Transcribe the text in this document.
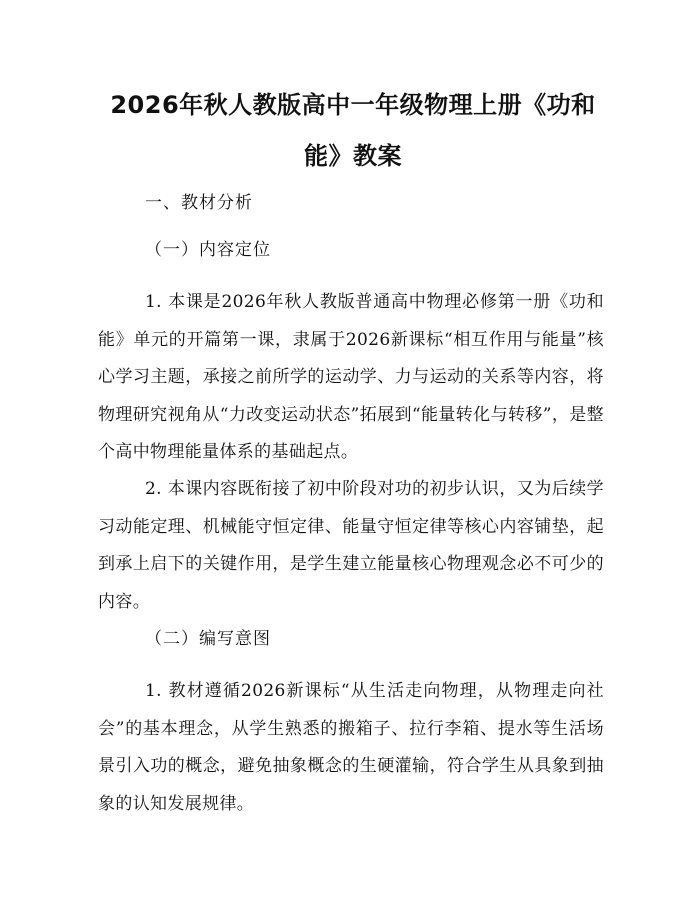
2026年秋人教版高中一年级物理上册《功和能》教案

一、教材分析

（一）内容定位

1. 本课是2026年秋人教版普通高中物理必修第一册《功和能》单元的开篇第一课，隶属于2026新课标“相互作用与能量”核心学习主题，承接之前所学的运动学、力与运动的关系等内容，将物理研究视角从“力改变运动状态”拓展到“能量转化与转移”，是整个高中物理能量体系的基础起点。

2. 本课内容既衔接了初中阶段对功的初步认识，又为后续学习动能定理、机械能守恒定律、能量守恒定律等核心内容铺垫，起到承上启下的关键作用，是学生建立能量核心物理观念必不可少的内容。

（二）编写意图

1. 教材遵循2026新课标“从生活走向物理，从物理走向社会”的基本理念，从学生熟悉的搬箱子、拉行李箱、提水等生活场景引入功的概念，避免抽象概念的生硬灌输，符合学生从具象到抽象的认知发展规律。
